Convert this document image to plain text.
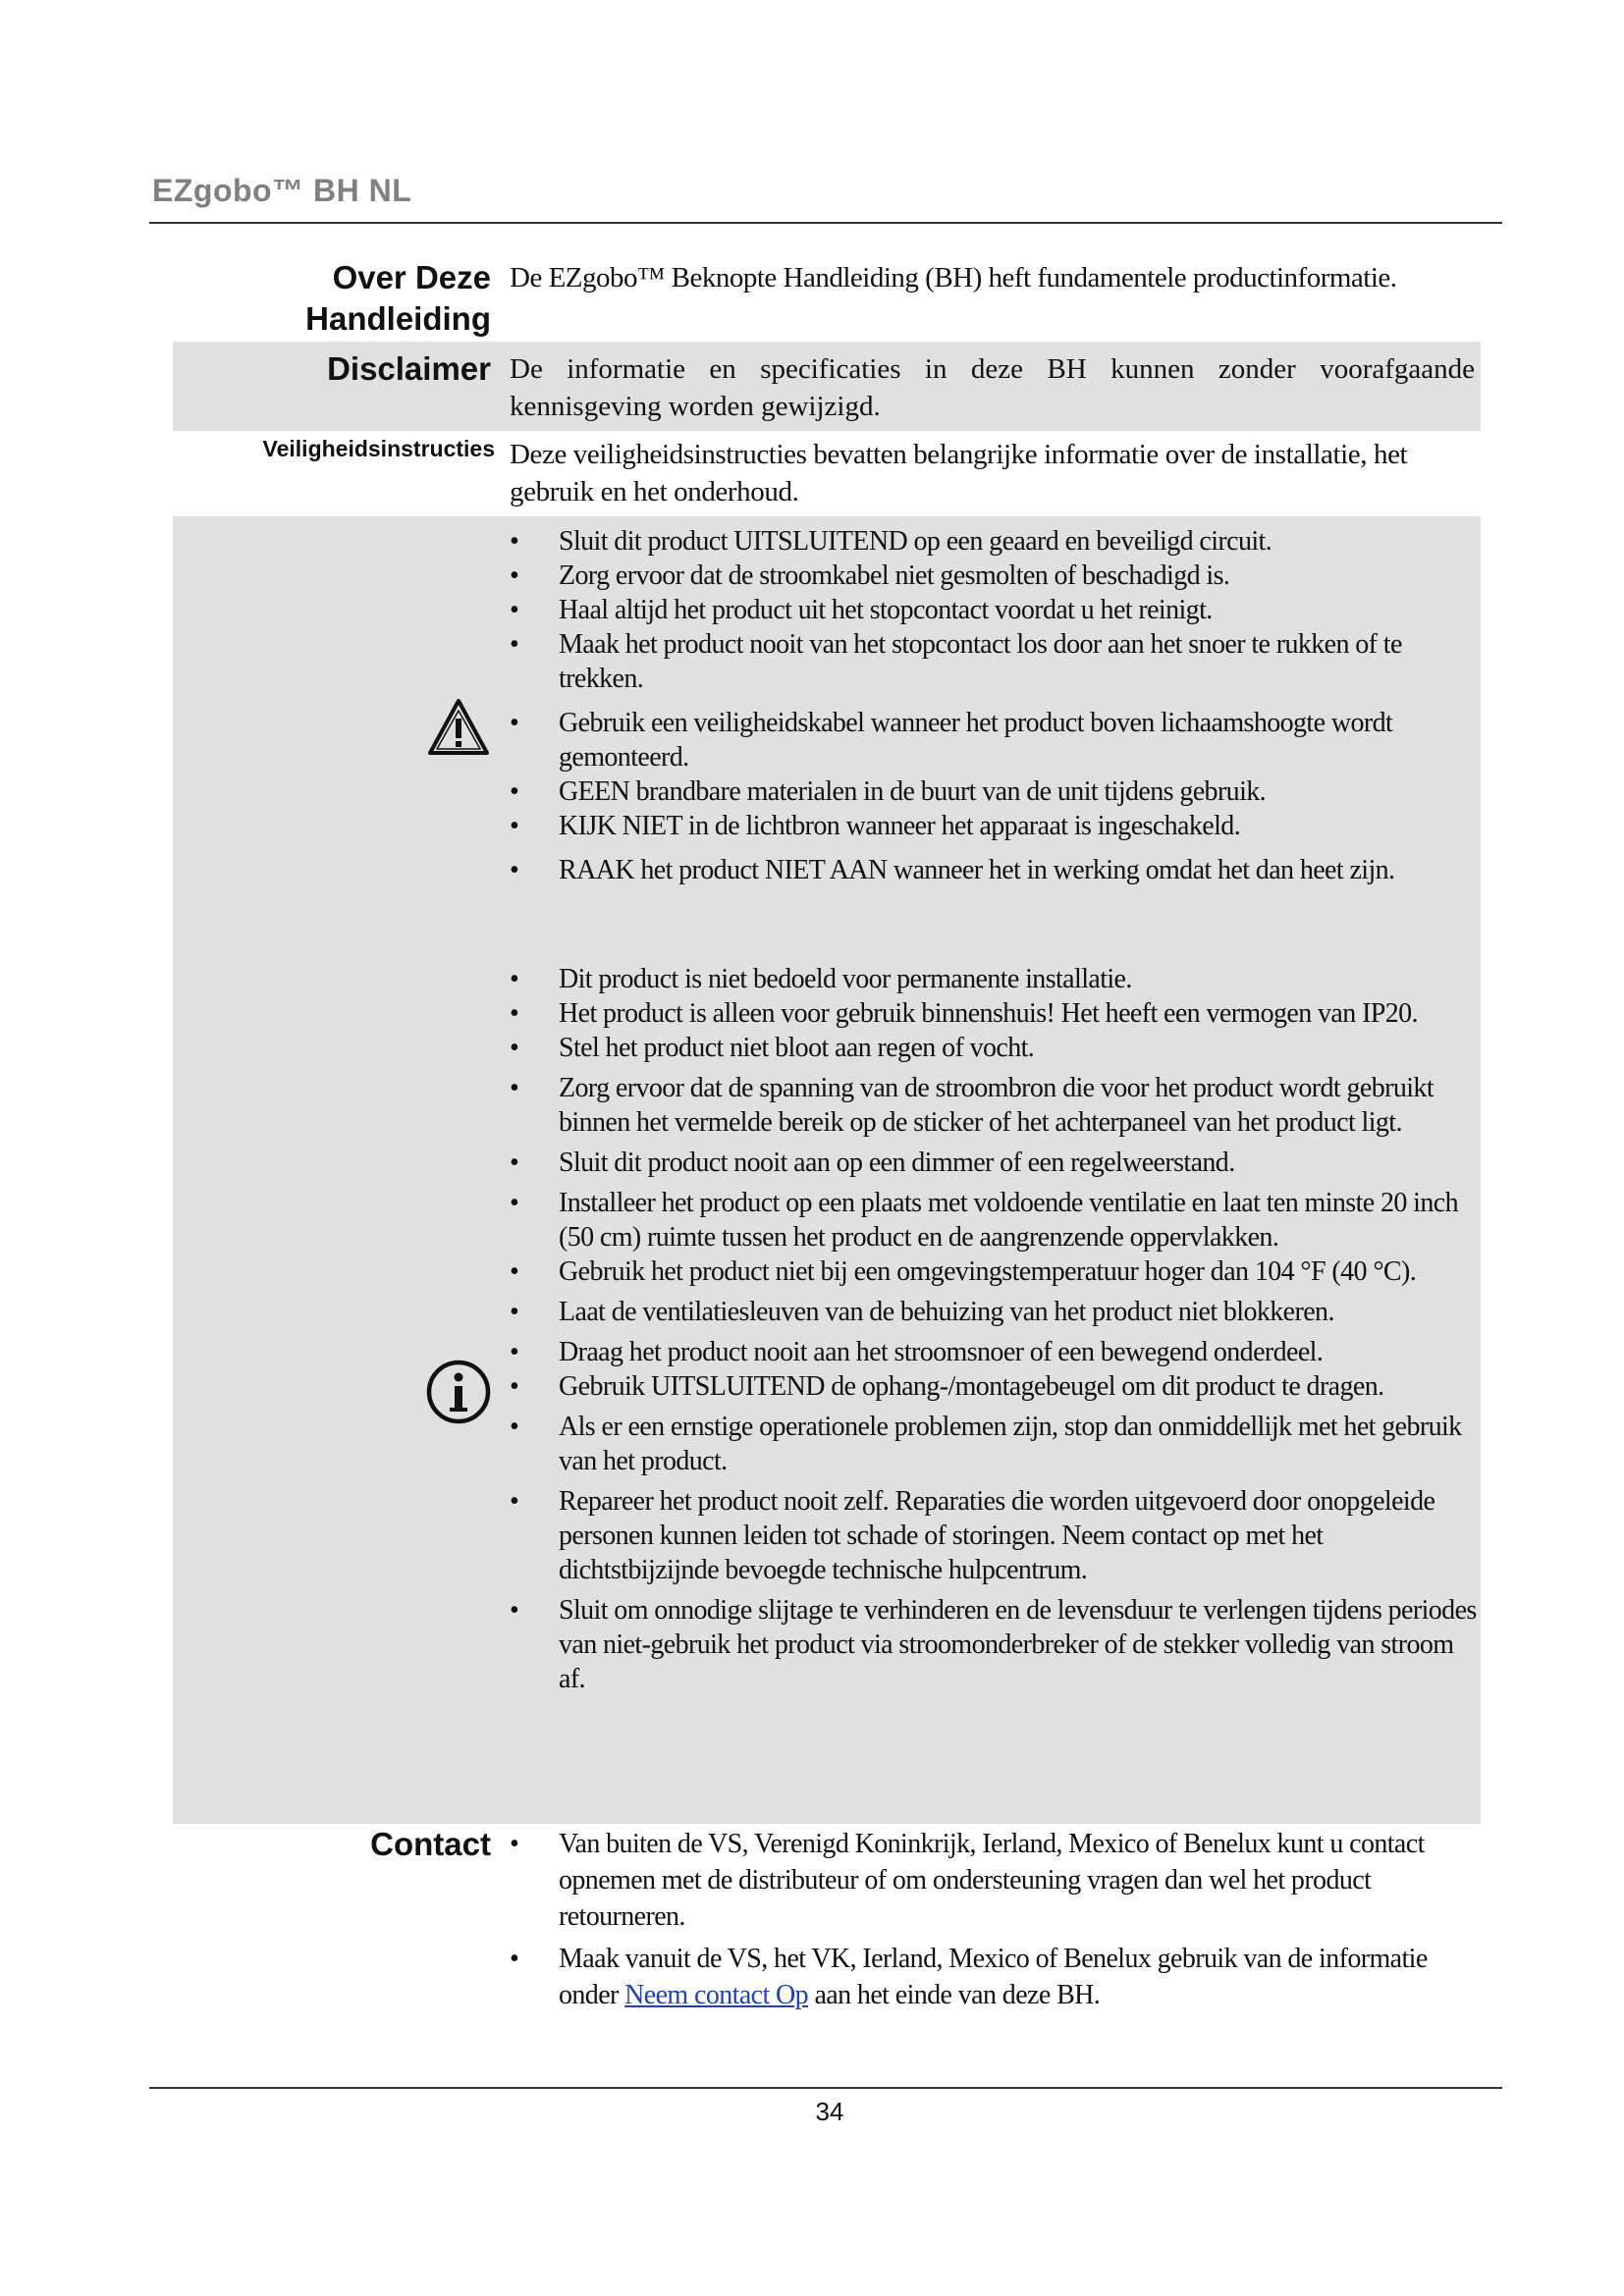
EZgobo™ BH NL
Over Deze
Handleiding
De EZgobo™ Beknopte Handleiding (BH) heft fundamentele productinformatie.
Disclaimer De informatie en specificaties in deze BH kunnen zonder voorafgaande
kennisgeving worden gewijzigd.
Veiligheidsinstructies Deze veiligheidsinstructies bevatten belangrijke informatie over de installatie, het
gebruik en het onderhoud.
• Sluit dit product UITSLUITEND op een geaard en beveiligd circuit.
• Zorg ervoor dat de stroomkabel niet gesmolten of beschadigd is.
• Haal altijd het product uit het stopcontact voordat u het reinigt.
• Maak het product nooit van het stopcontact los door aan het snoer te rukken of te trekken.
• Gebruik een veiligheidskabel wanneer het product boven lichaamshoogte wordt gemonteerd.
• GEEN brandbare materialen in de buurt van de unit tijdens gebruik.
• KIJK NIET in de lichtbron wanneer het apparaat is ingeschakeld.
• RAAK het product NIET AAN wanneer het in werking omdat het dan heet zijn.
• Dit product is niet bedoeld voor permanente installatie.
• Het product is alleen voor gebruik binnenshuis! Het heeft een vermogen van IP20.
• Stel het product niet bloot aan regen of vocht.
• Zorg ervoor dat de spanning van de stroombron die voor het product wordt gebruikt binnen het vermelde bereik op de sticker of het achterpaneel van het product ligt.
• Sluit dit product nooit aan op een dimmer of een regelweerstand.
• Installeer het product op een plaats met voldoende ventilatie en laat ten minste 20 inch (50 cm) ruimte tussen het product en de aangrenzende oppervlakken.
• Gebruik het product niet bij een omgevingstemperatuur hoger dan 104 °F (40 °C).
• Laat de ventilatiesleuven van de behuizing van het product niet blokkeren.
• Draag het product nooit aan het stroomsnoer of een bewegend onderdeel.
• Gebruik UITSLUITEND de ophang-/montagebeugel om dit product te dragen.
• Als er een ernstige operationele problemen zijn, stop dan onmiddellijk met het gebruik van het product.
• Repareer het product nooit zelf. Reparaties die worden uitgevoerd door onopgeleide personen kunnen leiden tot schade of storingen. Neem contact op met het dichtstbijzijnde bevoegde technische hulpcentrum.
• Sluit om onnodige slijtage te verhinderen en de levensduur te verlengen tijdens periodes van niet-gebruik het product via stroomonderbreker of de stekker volledig van stroom af.
Contact
•	Van buiten de VS, Verenigd Koninkrijk, Ierland, Mexico of Benelux kunt u contact opnemen met de distributeur of om ondersteuning vragen dan wel het product retourneren.
• Maak vanuit de VS, het VK, Ierland, Mexico of Benelux gebruik van de informatie onder Neem contact Op aan het einde van deze BH.
34
